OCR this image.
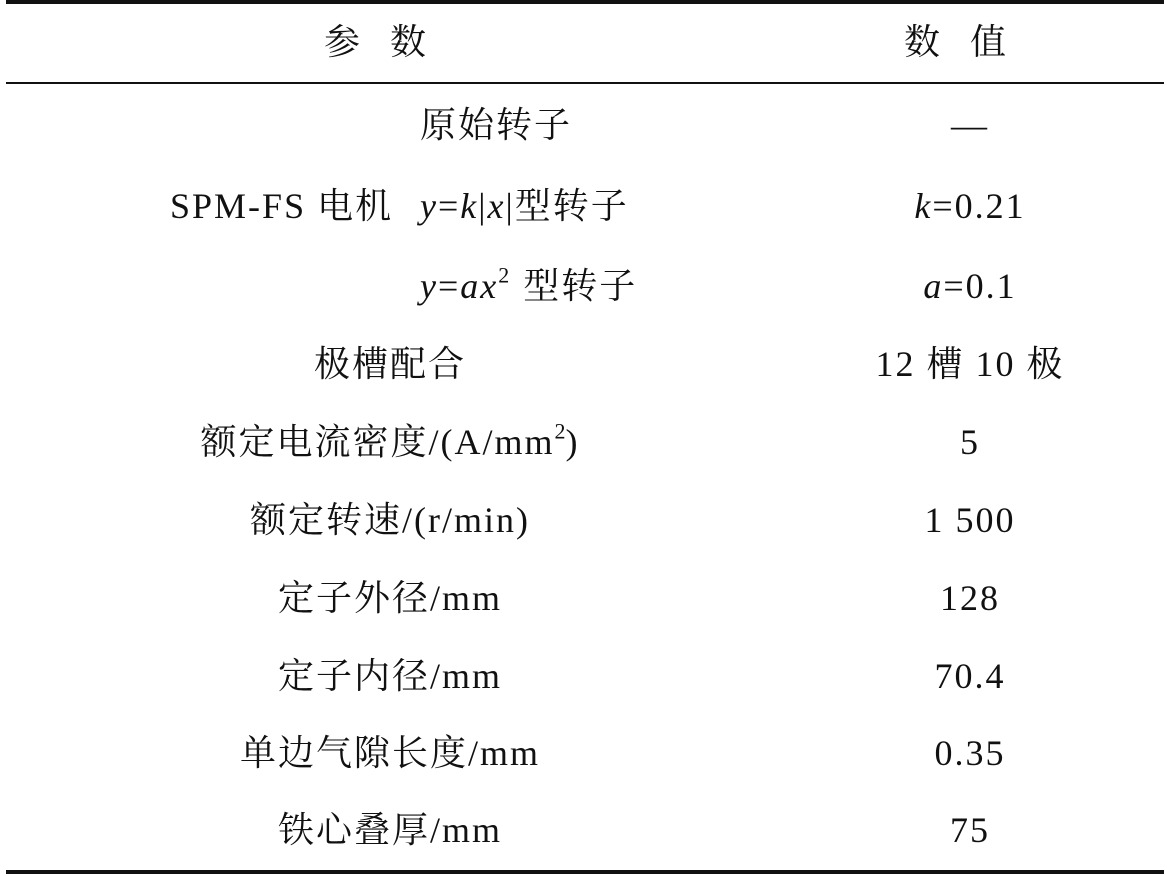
参数	数值
原始转子	—
SPM-FS 电机 y=k|x|型转子	k=0.21
$y=ax^2$ 型转子	a=0.1
极槽配合	12 槽 10 极
额定电流密度$/(A/mm^2)$	5
额定转速/(r/min)	1 500
定子外径/mm	128
定子内径/mm	70.4
单边气隙长度/mm	0.35
铁心叠厚/mm	75
